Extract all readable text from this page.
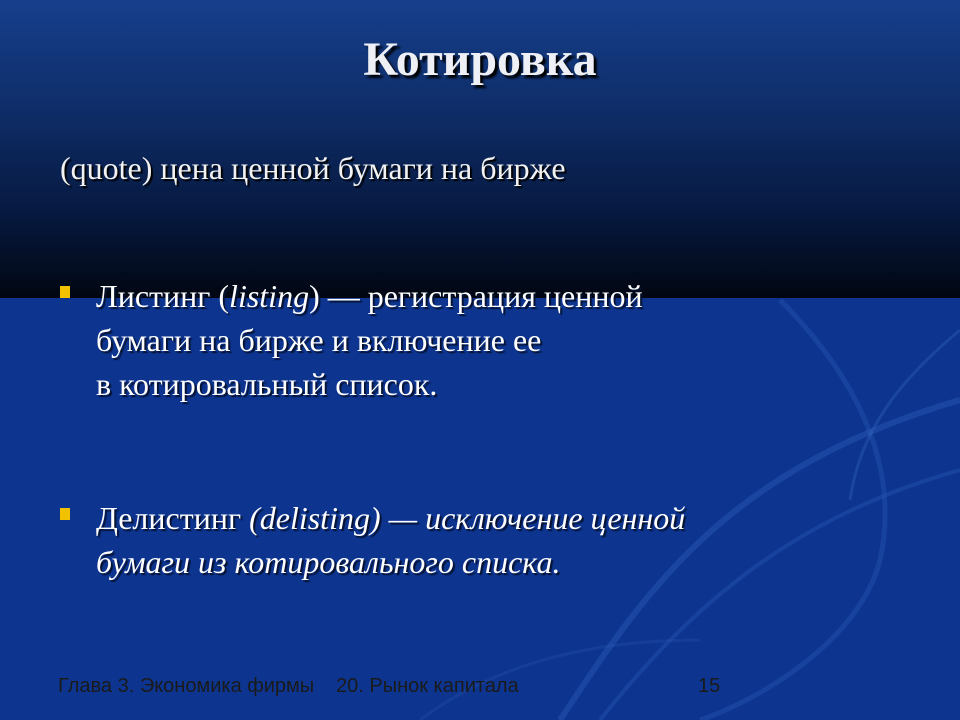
Котировка
(quote) цена ценной бумаги на бирже
Листинг (listing) — регистрация ценной
бумаги на бирже и включение ее
в котировальный список.
Делистинг (delisting) — исключение ценной
бумаги из котировального списка.
Глава 3. Экономика фирмы 20. Рынок капитала	15
